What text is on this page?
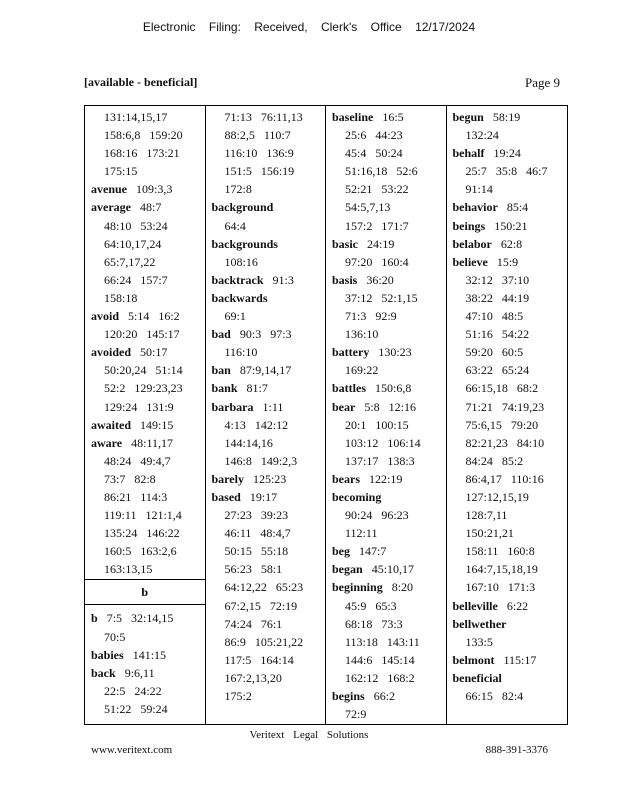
Electronic Filing: Received, Clerk's Office 12/17/2024
[available - beneficial]	Page 9
131:14,15,17
158:6,8   159:20
168:16   173:21
175:15
avenue 109:3,3
average 48:7
48:10   53:24
64:10,17,24
65:7,17,22
66:24   157:7
158:18
avoid 5:14   16:2
120:20   145:17
avoided 50:17
50:20,24   51:14
52:2   129:23,23
129:24   131:9
awaited 149:15
aware 48:11,17
48:24   49:4,7
73:7   82:8
86:21   114:3
119:11   121:1,4
135:24   146:22
160:5   163:2,6
163:13,15
b
b 7:5   32:14,15
70:5
babies 141:15
back 9:6,11
22:5   24:22
51:22   59:24
71:13   76:11,13
88:2,5   110:7
116:10   136:9
151:5   156:19
172:8
background
64:4
backgrounds
108:16
backtrack 91:3
backwards
69:1
bad 90:3   97:3
116:10
ban 87:9,14,17
bank 81:7
barbara 1:11
4:13   142:12
144:14,16
146:8   149:2,3
barely 125:23
based 19:17
27:23   39:23
46:11   48:4,7
50:15   55:18
56:23   58:1
64:12,22   65:23
67:2,15   72:19
74:24   76:1
86:9   105:21,22
117:5   164:14
167:2,13,20
175:2
baseline 16:5
25:6   44:23
45:4   50:24
51:16,18   52:6
52:21   53:22
54:5,7,13
157:2   171:7
basic 24:19
97:20   160:4
basis 36:20
37:12   52:1,15
71:3   92:9
136:10
battery 130:23
169:22
battles 150:6,8
bear 5:8   12:16
20:1   100:15
103:12   106:14
137:17   138:3
bears 122:19
becoming
90:24   96:23
112:11
beg 147:7
began 45:10,17
beginning 8:20
45:9   65:3
68:18   73:3
113:18   143:11
144:6   145:14
162:12   168:2
begins 66:2
72:9
begun 58:19
132:24
behalf 19:24
25:7   35:8   46:7
91:14
behavior 85:4
beings 150:21
belabor 62:8
believe 15:9
32:12   37:10
38:22   44:19
47:10   48:5
51:16   54:22
59:20   60:5
63:22   65:24
66:15,18   68:2
71:21   74:19,23
75:6,15   79:20
82:21,23   84:10
84:24   85:2
86:4,17   110:16
127:12,15,19
128:7,11
150:21,21
158:11   160:8
164:7,15,18,19
167:10   171:3
belleville 6:22
bellwether
133:5
belmont 115:17
beneficial
66:15   82:4
Veritext Legal Solutions
www.veritext.com	888-391-3376
